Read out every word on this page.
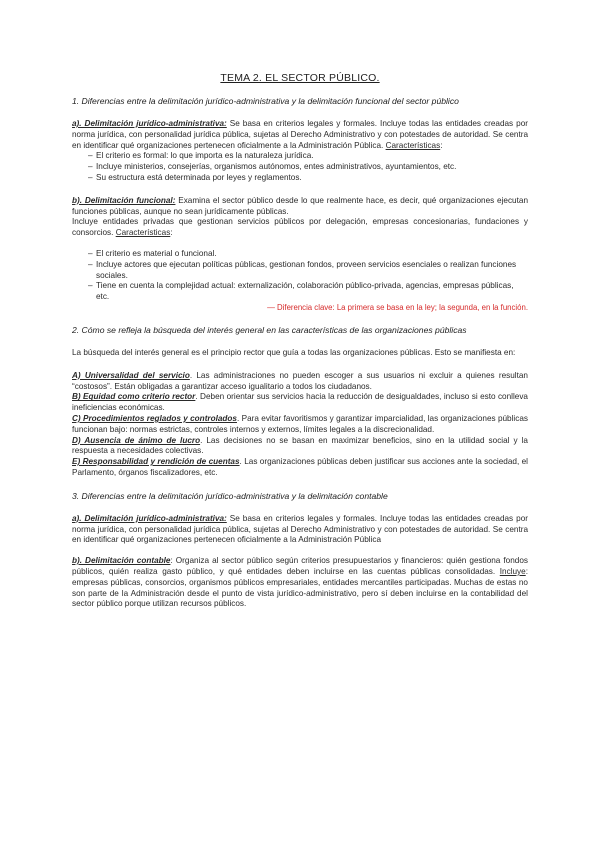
TEMA 2. EL SECTOR PÚBLICO.

1. Diferencias entre la delimitación jurídico-administrativa y la delimitación funcional del sector público

a). Delimitación jurídico-administrativa: Se basa en criterios legales y formales. Incluye todas las entidades creadas por norma jurídica, con personalidad jurídica pública, sujetas al Derecho Administrativo y con potestades de autoridad. Se centra en identificar qué organizaciones pertenecen oficialmente a la Administración Pública. Características:

– El criterio es formal: lo que importa es la naturaleza jurídica.
– Incluye ministerios, consejerías, organismos autónomos, entes administrativos, ayuntamientos, etc.
– Su estructura está determinada por leyes y reglamentos.

b). Delimitación funcional: Examina el sector público desde lo que realmente hace, es decir, qué organizaciones ejecutan funciones públicas, aunque no sean jurídicamente públicas.

Incluye entidades privadas que gestionan servicios públicos por delegación, empresas concesionarias, fundaciones y consorcios. Características:

– El criterio es material o funcional.
– Incluye actores que ejecutan políticas públicas, gestionan fondos, proveen servicios esenciales o realizan funciones sociales.
– Tiene en cuenta la complejidad actual: externalización, colaboración público-privada, agencias, empresas públicas, etc.

— Diferencia clave: La primera se basa en la ley; la segunda, en la función.

2. Cómo se refleja la búsqueda del interés general en las características de las organizaciones públicas

La búsqueda del interés general es el principio rector que guía a todas las organizaciones públicas. Esto se manifiesta en:

A) Universalidad del servicio. Las administraciones no pueden escoger a sus usuarios ni excluir a quienes resultan “costosos”. Están obligadas a garantizar acceso igualitario a todos los ciudadanos.

B) Equidad como criterio rector. Deben orientar sus servicios hacia la reducción de desigualdades, incluso si esto conlleva ineficiencias económicas.

C) Procedimientos reglados y controlados. Para evitar favoritismos y garantizar imparcialidad, las organizaciones públicas funcionan bajo: normas estrictas, controles internos y externos, límites legales a la discrecionalidad.

D) Ausencia de ánimo de lucro. Las decisiones no se basan en maximizar beneficios, sino en la utilidad social y la respuesta a necesidades colectivas.

E) Responsabilidad y rendición de cuentas. Las organizaciones públicas deben justificar sus acciones ante la sociedad, el Parlamento, órganos fiscalizadores, etc.

3. Diferencias entre la delimitación jurídico-administrativa y la delimitación contable

a). Delimitación jurídico-administrativa: Se basa en criterios legales y formales. Incluye todas las entidades creadas por norma jurídica, con personalidad jurídica pública, sujetas al Derecho Administrativo y con potestades de autoridad. Se centra en identificar qué organizaciones pertenecen oficialmente a la Administración Pública

b). Delimitación contable: Organiza al sector público según criterios presupuestarios y financieros: quién gestiona fondos públicos, quién realiza gasto público, y qué entidades deben incluirse en las cuentas públicas consolidadas. Incluye: empresas públicas, consorcios, organismos públicos empresariales, entidades mercantiles participadas. Muchas de estas no son parte de la Administración desde el punto de vista jurídico-administrativo, pero sí deben incluirse en la contabilidad del sector público porque utilizan recursos públicos.
